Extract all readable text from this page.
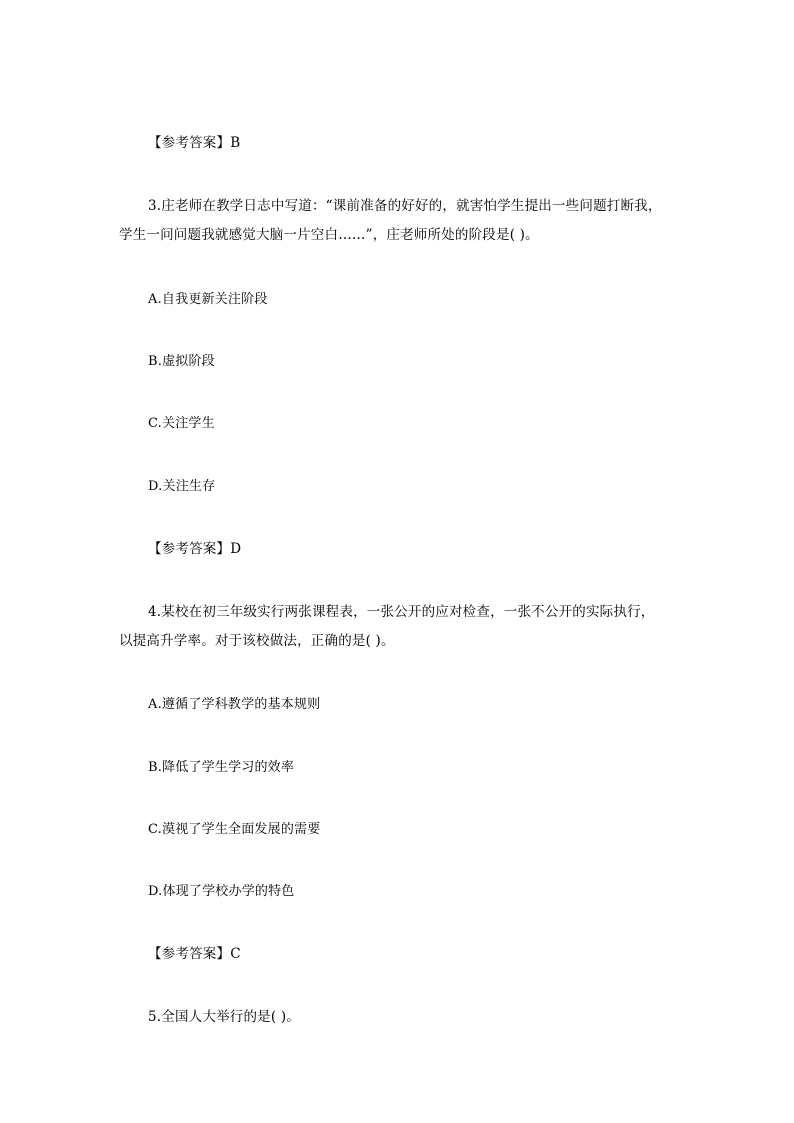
【参考答案】B
3.庄老师在教学日志中写道：“课前准备的好好的，就害怕学生提出一些问题打断我，
学生一问问题我就感觉大脑一片空白……”，庄老师所处的阶段是( )。
A.自我更新关注阶段
B.虚拟阶段
C.关注学生
D.关注生存
【参考答案】D
4.某校在初三年级实行两张课程表，一张公开的应对检查，一张不公开的实际执行，
以提高升学率。对于该校做法，正确的是( )。
A.遵循了学科教学的基本规则
B.降低了学生学习的效率
C.漠视了学生全面发展的需要
D.体现了学校办学的特色
【参考答案】C
5.全国人大举行的是( )。
